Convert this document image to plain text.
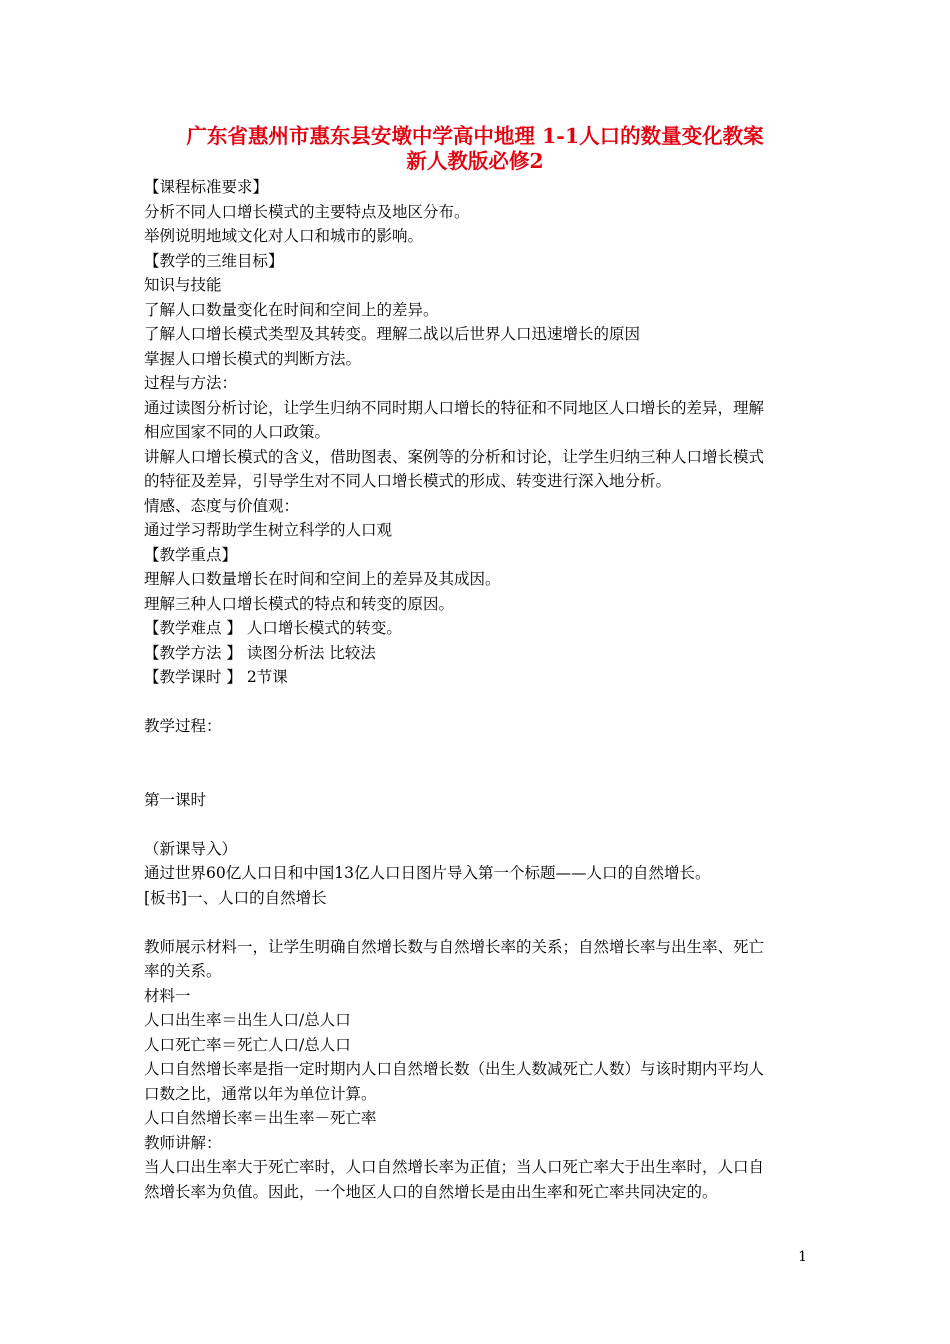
广东省惠州市惠东县安墩中学高中地理 1-1人口的数量变化教案
新人教版必修2
【课程标准要求】
分析不同人口增长模式的主要特点及地区分布。
举例说明地域文化对人口和城市的影响。
【教学的三维目标】
知识与技能
了解人口数量变化在时间和空间上的差异。
了解人口增长模式类型及其转变。理解二战以后世界人口迅速增长的原因
掌握人口增长模式的判断方法。
过程与方法：
通过读图分析讨论，让学生归纳不同时期人口增长的特征和不同地区人口增长的差异，理解
相应国家不同的人口政策。
讲解人口增长模式的含义，借助图表、案例等的分析和讨论，让学生归纳三种人口增长模式
的特征及差异，引导学生对不同人口增长模式的形成、转变进行深入地分析。
情感、态度与价值观：
通过学习帮助学生树立科学的人口观
【教学重点】
理解人口数量增长在时间和空间上的差异及其成因。
理解三种人口增长模式的特点和转变的原因。
【教学难点 】 人口增长模式的转变。
【教学方法 】 读图分析法 比较法
【教学课时 】 2节课
教学过程：
第一课时
（新课导入）
通过世界60亿人口日和中国13亿人口日图片导入第一个标题——人口的自然增长。
[板书]一、人口的自然增长
教师展示材料一，让学生明确自然增长数与自然增长率的关系；自然增长率与出生率、死亡
率的关系。
材料一
人口出生率＝出生人口/总人口
人口死亡率＝死亡人口/总人口
人口自然增长率是指一定时期内人口自然增长数（出生人数减死亡人数）与该时期内平均人
口数之比，通常以年为单位计算。
人口自然增长率＝出生率－死亡率
教师讲解：
当人口出生率大于死亡率时，人口自然增长率为正值；当人口死亡率大于出生率时，人口自
然增长率为负值。因此，一个地区人口的自然增长是由出生率和死亡率共同决定的。
1
